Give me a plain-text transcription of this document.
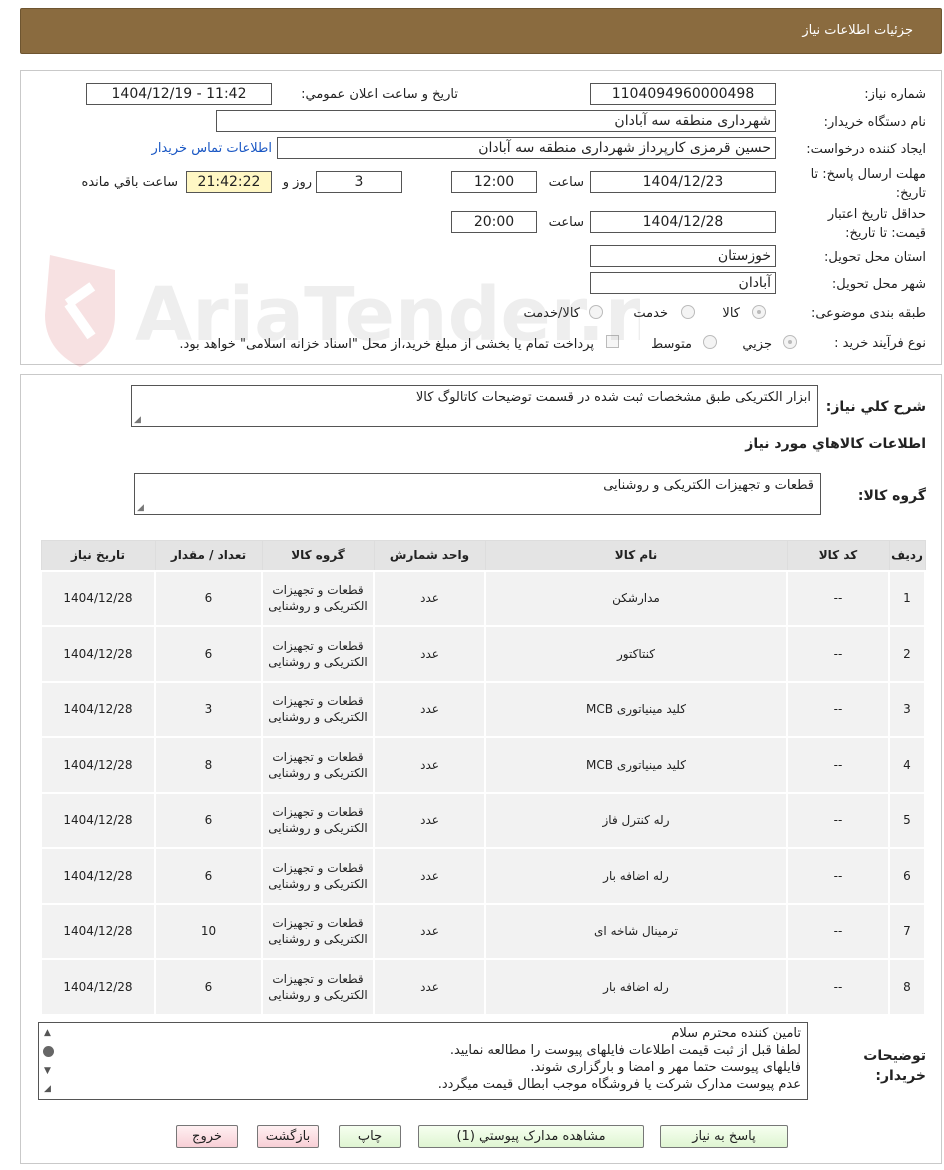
جزئیات اطلاعات نیاز
شماره نیاز:
1104094960000498
تاریخ و ساعت اعلان عمومي:
1404/12/19 - 11:42
نام دستگاه خریدار:
شهرداری منطقه سه آبادان
ایجاد کننده درخواست:
حسین قرمزی کارپرداز شهرداری منطقه سه آبادان
اطلاعات تماس خریدار
مهلت ارسال پاسخ: تا تاریخ:
1404/12/23
ساعت
12:00
3
روز و
21:42:22
ساعت باقي مانده
حداقل تاریخ اعتبار قیمت: تا تاریخ:
1404/12/28
ساعت
20:00
استان محل تحویل:
خوزستان
شهر محل تحویل:
آبادان
طبقه بندی موضوعی:
کالا
خدمت
کالا/خدمت
نوع فرآیند خرید :
جزیي
متوسط
پرداخت تمام یا بخشی از مبلغ خرید،از محل "اسناد خزانه اسلامی" خواهد بود.
شرح کلي نیاز:
ابزار الکتریکی طبق مشخصات ثبت شده در قسمت توضیحات کاتالوگ کالا
◢
اطلاعات کالاهاي مورد نیاز
گروه کالا:
قطعات و تجهیزات الکتریکی و روشنایی
◢
ردیف	کد کالا	نام کالا	واحد شمارش	گروه کالا	تعداد / مقدار	تاریخ نیاز
1	--	مدارشکن	عدد	قطعات و تجهیزات الکتریکی و روشنایی	6	1404/12/28
2	--	کنتاکتور	عدد	قطعات و تجهیزات الکتریکی و روشنایی	6	1404/12/28
3	--	کلید مینیاتوری MCB	عدد	قطعات و تجهیزات الکتریکی و روشنایی	3	1404/12/28
4	--	کلید مینیاتوری MCB	عدد	قطعات و تجهیزات الکتریکی و روشنایی	8	1404/12/28
5	--	رله کنترل فاز	عدد	قطعات و تجهیزات الکتریکی و روشنایی	6	1404/12/28
6	--	رله اضافه بار	عدد	قطعات و تجهیزات الکتریکی و روشنایی	6	1404/12/28
7	--	ترمینال شاخه ای	عدد	قطعات و تجهیزات الکتریکی و روشنایی	10	1404/12/28
8	--	رله اضافه بار	عدد	قطعات و تجهیزات الکتریکی و روشنایی	6	1404/12/28
توضیحات خریدار:
تامین کننده محترم سلام
لطفا قبل از ثبت قیمت اطلاعات فایلهای پیوست را مطالعه نمایید.
فایلهای پیوست حتما مهر و امضا و بارگزاری شوند.
عدم پیوست مدارک شرکت یا فروشگاه موجب ابطال قیمت میگردد.
▲
▼
◢
پاسخ به نیاز
مشاهده مدارک پیوستي (1)
چاپ
بازگشت
خروج
